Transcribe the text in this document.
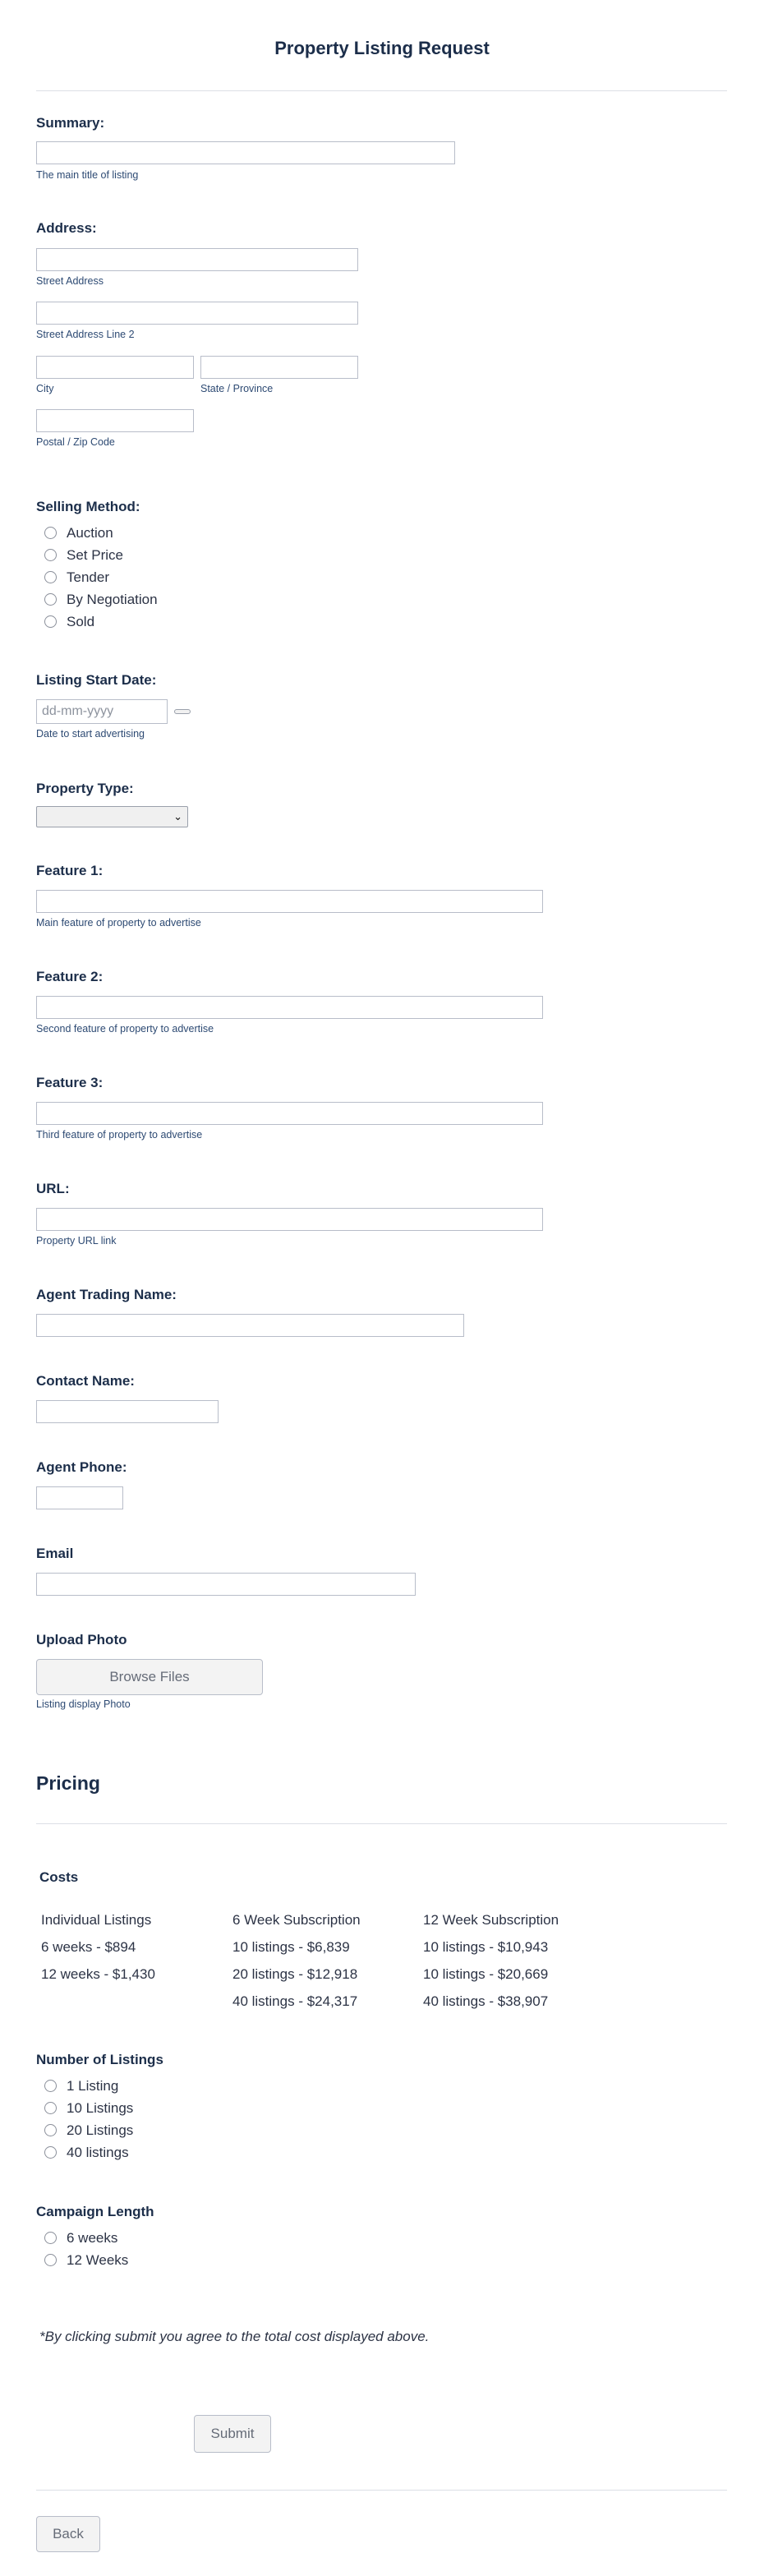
Property Listing Request
Summary:
The main title of listing
Address:
Street Address
Street Address Line 2
City	State / Province
Postal / Zip Code
Selling Method:
Auction
Set Price
Tender
By Negotiation
Sold
Listing Start Date:
dd-mm-yyyy
Date to start advertising
Property Type:
⌄
Feature 1:
Main feature of property to advertise
Feature 2:
Second feature of property to advertise
Feature 3:
Third feature of property to advertise
URL:
Property URL link
Agent Trading Name:
Contact Name:
Agent Phone:
Email
Upload Photo
Browse Files
Listing display Photo
Pricing
Costs
Individual Listings
6 weeks - $894
12 weeks - $1,430
6 Week Subscription
10 listings - $6,839
20 listings - $12,918
40 listings - $24,317
12 Week Subscription
10 listings - $10,943
10 listings - $20,669
40 listings - $38,907
Number of Listings
1 Listing
10 Listings
20 Listings
40 listings
Campaign Length
6 weeks
12 Weeks
*By clicking submit you agree to the total cost displayed above.
Submit
Back
